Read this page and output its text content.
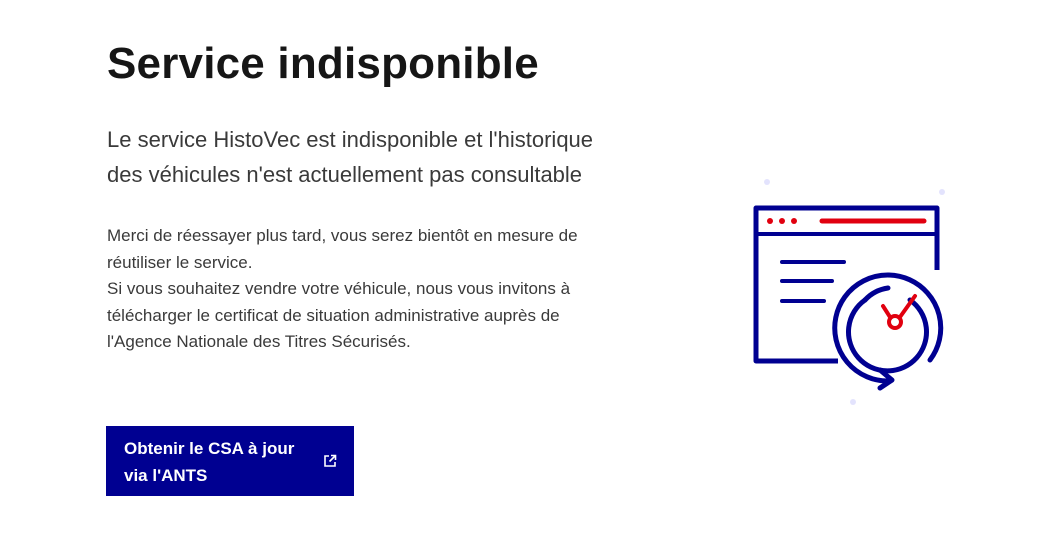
Service indisponible

Le service HistoVec est indisponible et l'historique des véhicules n'est actuellement pas consultable

Merci de réessayer plus tard, vous serez bientôt en mesure de réutiliser le service.
Si vous souhaitez vendre votre véhicule, nous vous invitons à télécharger le certificat de situation administrative auprès de l'Agence Nationale des Titres Sécurisés.

Obtenir le CSA à jour via l'ANTS
